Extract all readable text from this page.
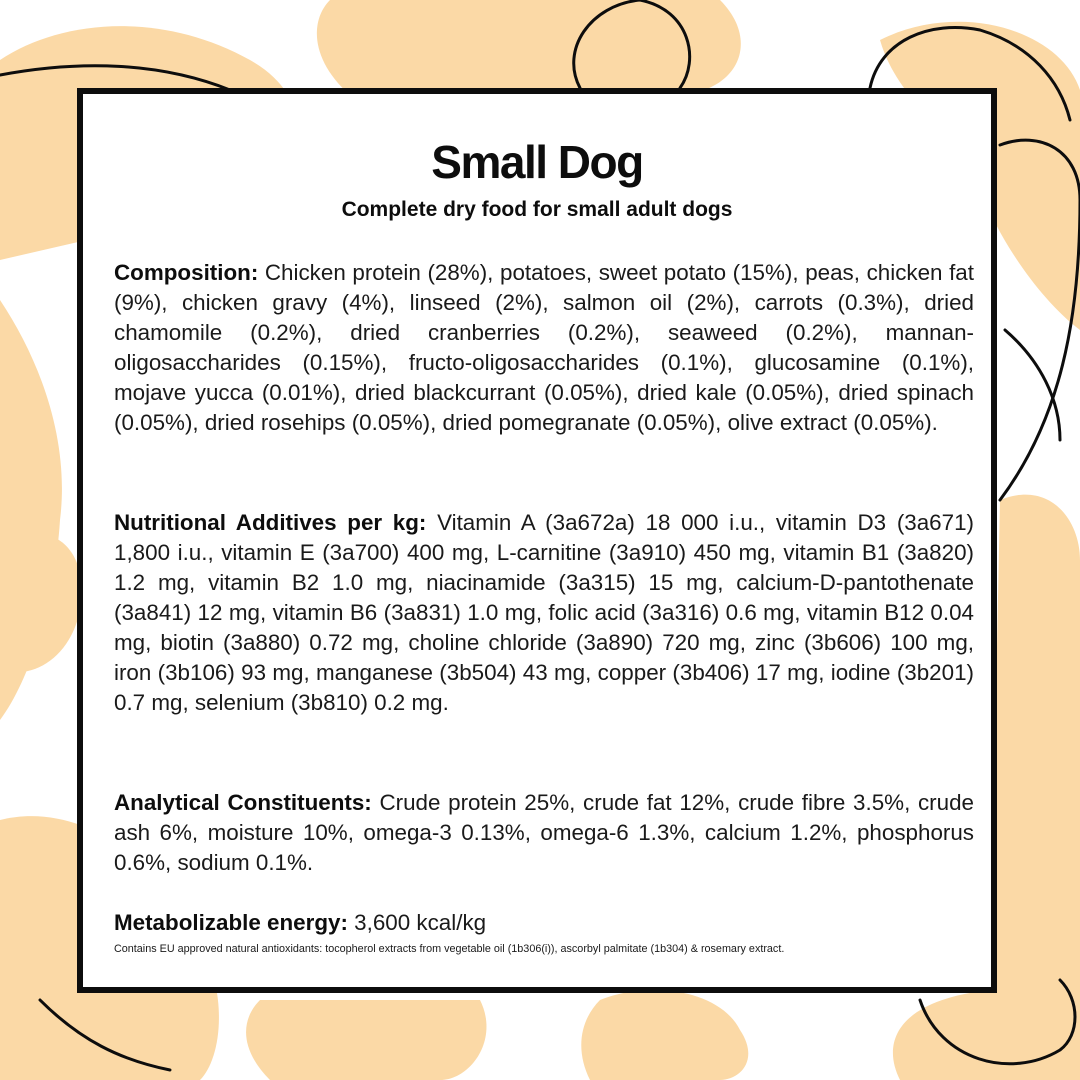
Small Dog

Complete dry food for small adult dogs

Composition: Chicken protein (28%), potatoes, sweet potato (15%), peas, chicken fat (9%), chicken gravy (4%), linseed (2%), salmon oil (2%), carrots (0.3%), dried chamomile (0.2%), dried cranberries (0.2%), seaweed (0.2%), mannan-oligosaccharides (0.15%), fructo-oligosaccharides (0.1%), glucosamine (0.1%), mojave yucca (0.01%), dried blackcurrant (0.05%), dried kale (0.05%), dried spinach (0.05%), dried rosehips (0.05%), dried pomegranate (0.05%), olive extract (0.05%).

Nutritional Additives per kg: Vitamin A (3a672a) 18 000 i.u., vitamin D3 (3a671) 1,800 i.u., vitamin E (3a700) 400 mg, L-carnitine (3a910) 450 mg, vitamin B1 (3a820) 1.2 mg, vitamin B2 1.0 mg, niacinamide (3a315) 15 mg, calcium-D-pantothenate (3a841) 12 mg, vitamin B6 (3a831) 1.0 mg, folic acid (3a316) 0.6 mg, vitamin B12 0.04 mg, biotin (3a880) 0.72 mg, choline chloride (3a890) 720 mg, zinc (3b606) 100 mg, iron (3b106) 93 mg, manganese (3b504) 43 mg, copper (3b406) 17 mg, iodine (3b201) 0.7 mg, selenium (3b810) 0.2 mg.

Analytical Constituents: Crude protein 25%, crude fat 12%, crude fibre 3.5%, crude ash 6%, moisture 10%, omega-3 0.13%, omega-6 1.3%, calcium 1.2%, phosphorus 0.6%, sodium 0.1%.

Metabolizable energy: 3,600 kcal/kg

Contains EU approved natural antioxidants: tocopherol extracts from vegetable oil (1b306(i)), ascorbyl palmitate (1b304) & rosemary extract.
